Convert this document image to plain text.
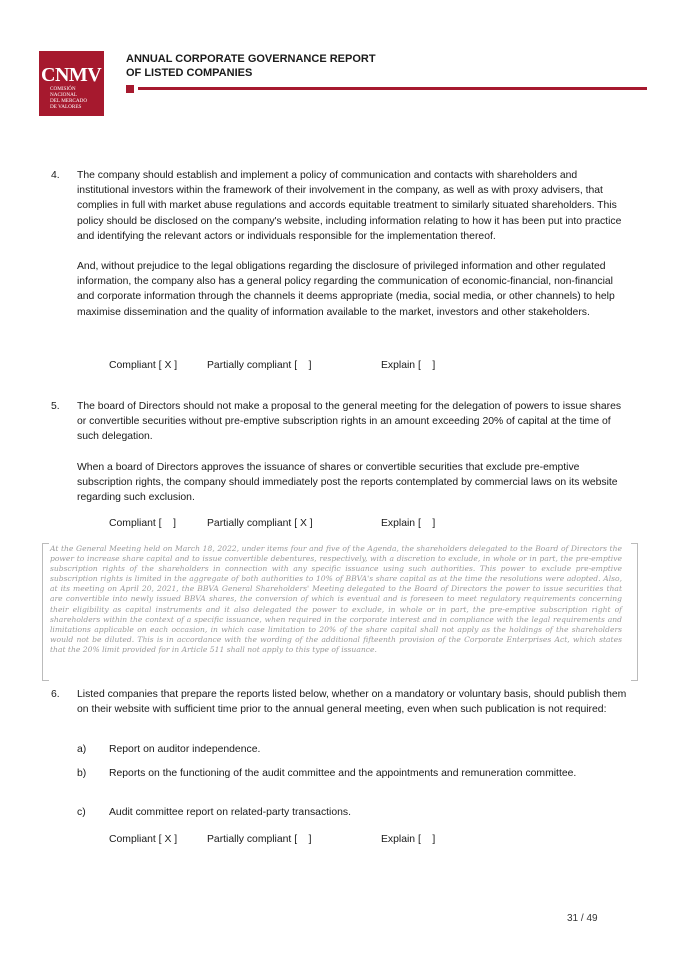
CNMV
COMISIÓN
NACIONAL
DEL MERCADO
DE VALORES
ANNUAL CORPORATE GOVERNANCE REPORT
OF LISTED COMPANIES
4. The company should establish and implement a policy of communication and contacts with shareholders and institutional investors within the framework of their involvement in the company, as well as with proxy advisers, that complies in full with market abuse regulations and accords equitable treatment to similarly situated shareholders. This policy should be disclosed on the company's website, including information relating to how it has been put into practice and identifying the relevant actors or individuals responsible for the implementation thereof.

And, without prejudice to the legal obligations regarding the disclosure of privileged information and other regulated information, the company also has a general policy regarding the communication of economic-financial, non-financial and corporate information through the channels it deems appropriate (media, social media, or other channels) to help maximise dissemination and the quality of information available to the market, investors and other stakeholders.

Compliant [ X ]	Partially compliant [    ]	Explain [    ]
5. The board of Directors should not make a proposal to the general meeting for the delegation of powers to issue shares or convertible securities without pre-emptive subscription rights in an amount exceeding 20% of capital at the time of such delegation.

When a board of Directors approves the issuance of shares or convertible securities that exclude pre-emptive subscription rights, the company should immediately post the reports contemplated by commercial laws on its website regarding such exclusion.

Compliant [    ]	Partially compliant [ X ]	Explain [    ]
At the General Meeting held on March 18, 2022, under items four and five of the Agenda, the shareholders delegated to the Board of Directors the power to increase share capital and to issue convertible debentures, respectively, with a discretion to exclude, in whole or in part, the pre-emptive subscription rights of the shareholders in connection with any specific issuance using such authorities. This power to exclude pre-emptive subscription rights is limited in the aggregate of both authorities to 10% of BBVA's share capital as at the time the resolutions were adopted. Also, at its meeting on April 20, 2021, the BBVA General Shareholders' Meeting delegated to the Board of Directors the power to issue securities that are convertible into newly issued BBVA shares, the conversion of which is eventual and is foreseen to meet regulatory requirements concerning their eligibility as capital instruments and it also delegated the power to exclude, in whole or in part, the pre-emptive subscription right of shareholders within the context of a specific issuance, when required in the corporate interest and in compliance with the legal requirements and limitations applicable on each occasion, in which case limitation to 20% of the share capital shall not apply as the holdings of the shareholders would not be diluted. This is in accordance with the wording of the additional fifteenth provision of the Corporate Enterprises Act, which states that the 20% limit provided for in Article 511 shall not apply to this type of issuance.
6. Listed companies that prepare the reports listed below, whether on a mandatory or voluntary basis, should publish them on their website with sufficient time prior to the annual general meeting, even when such publication is not required:

a) Report on auditor independence.
b) Reports on the functioning of the audit committee and the appointments and remuneration committee.
c) Audit committee report on related-party transactions.
Compliant [ X ]	Partially compliant [    ]	Explain [    ]
31 / 49
